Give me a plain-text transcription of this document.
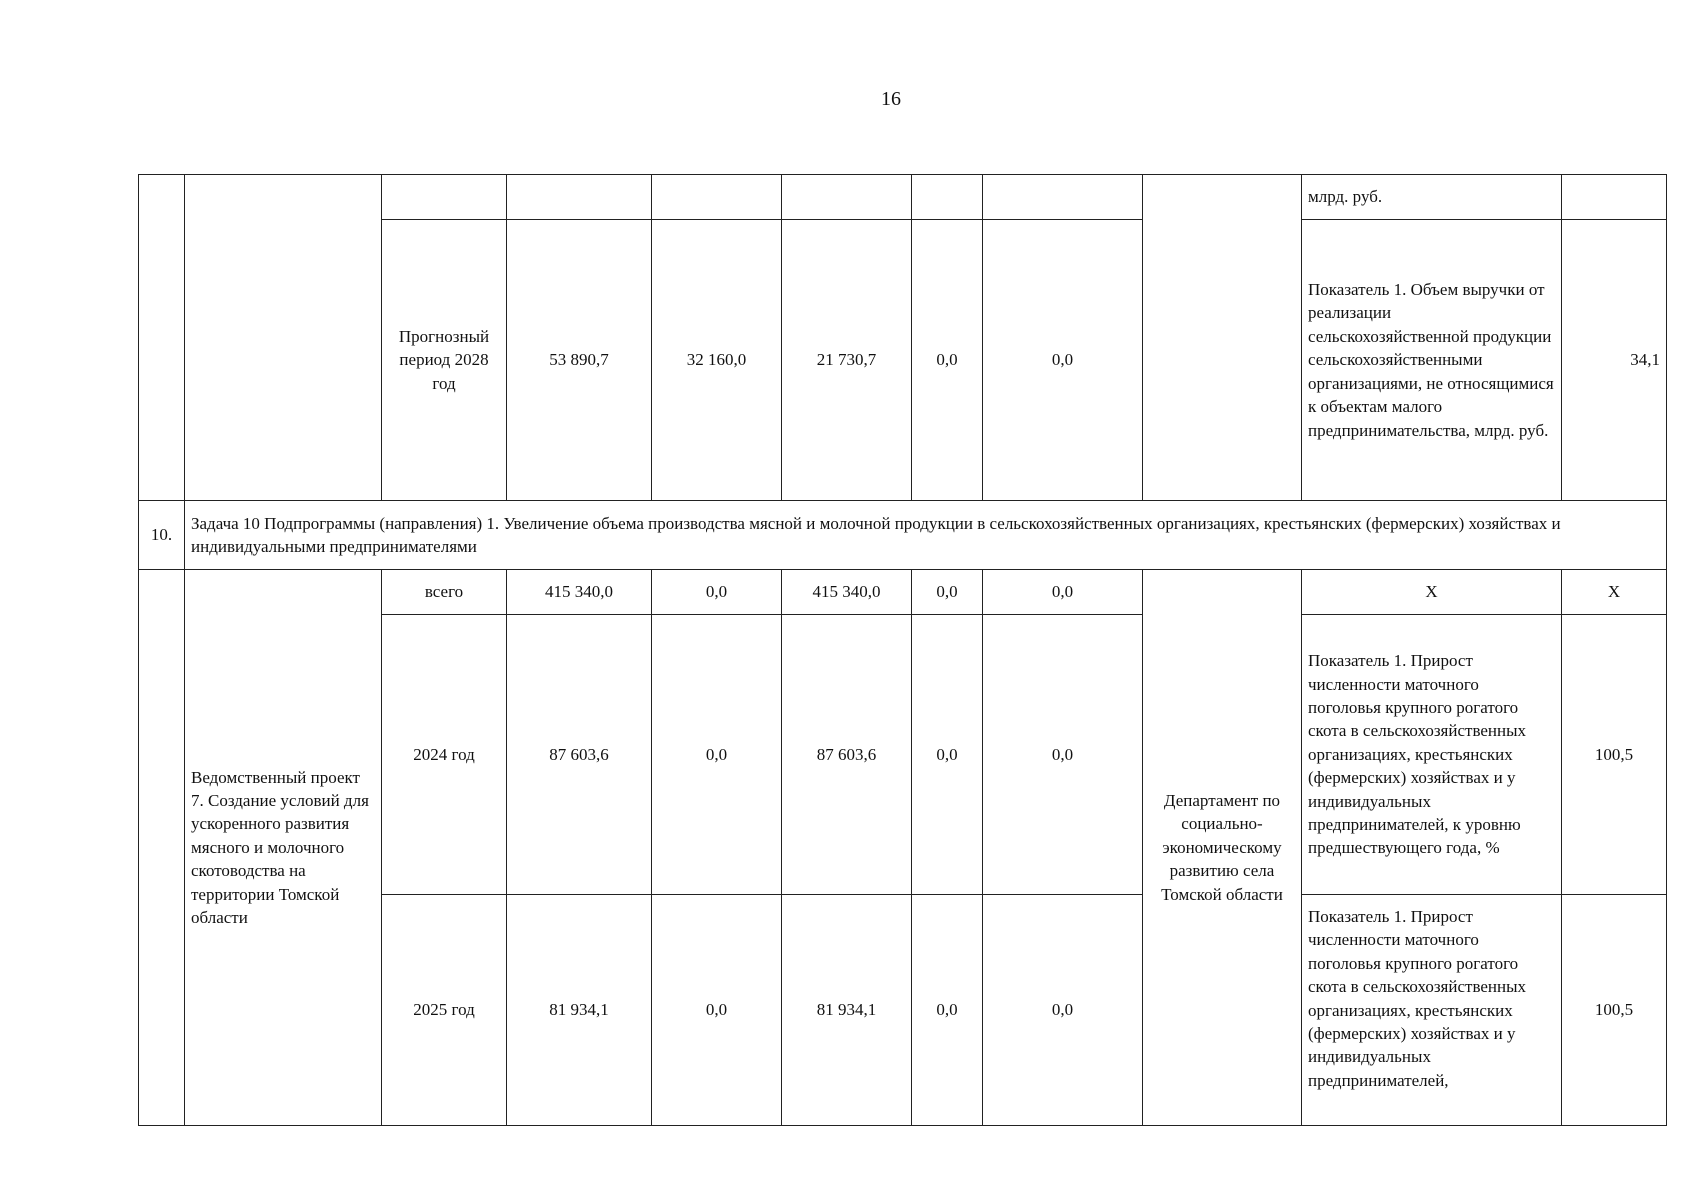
16
									млрд. руб.	
		Прогнозный период 2028 год	53 890,7	32 160,0	21 730,7	0,0	0,0		Показатель 1. Объем выручки от реализации сельскохозяйственной продукции сельскохозяйственными организациями, не относящимися к объектам малого предпринимательства, млрд. руб.	34,1
10.	Задача 10 Подпрограммы (направления) 1. Увеличение объема производства мясной и молочной продукции в сельскохозяйственных организациях, крестьянских (фермерских) хозяйствах и индивидуальными предпринимателями									
	Ведомственный проект 7. Создание условий для ускоренного развития мясного и молочного скотоводства на территории Томской области	всего	415 340,0	0,0	415 340,0	0,0	0,0	Департамент по социально-экономическому развитию села Томской области	Х	Х
		2024 год	87 603,6	0,0	87 603,6	0,0	0,0		Показатель 1. Прирост численности маточного поголовья крупного рогатого скота в сельскохозяйственных организациях, крестьянских (фермерских) хозяйствах и у индивидуальных предпринимателей, к уровню предшествующего года, %	100,5
		2025 год	81 934,1	0,0	81 934,1	0,0	0,0		Показатель 1. Прирост численности маточного поголовья крупного рогатого скота в сельскохозяйственных организациях, крестьянских (фермерских) хозяйствах и у индивидуальных предпринимателей,	100,5
